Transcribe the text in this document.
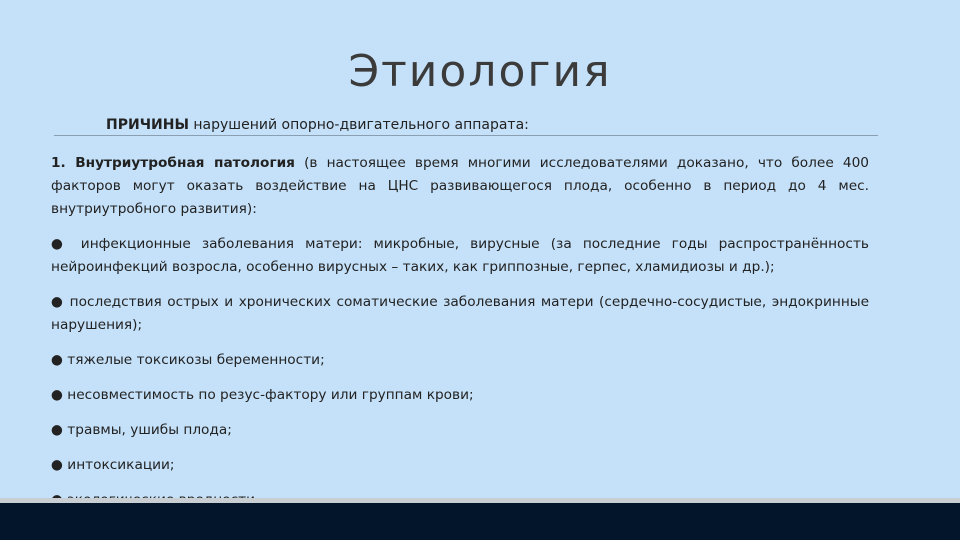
Этиология
ПРИЧИНЫ нарушений опорно-двигательного аппарата:

1. Внутриутробная патология (в настоящее время многими исследователями доказано, что более 400 факторов могут оказать воздействие на ЦНС развивающегося плода, особенно в период до 4 мес. внутриутробного развития):

● инфекционные заболевания матери: микробные, вирусные (за последние годы распространённость нейроинфекций возросла, особенно вирусных – таких, как гриппозные, герпес, хламидиозы и др.);

● последствия острых и хронических соматические заболевания матери (сердечно-сосудистые, эндокринные нарушения);

● тяжелые токсикозы беременности;

● несовместимость по резус-фактору или группам крови;

● травмы, ушибы плода;

● интоксикации;
